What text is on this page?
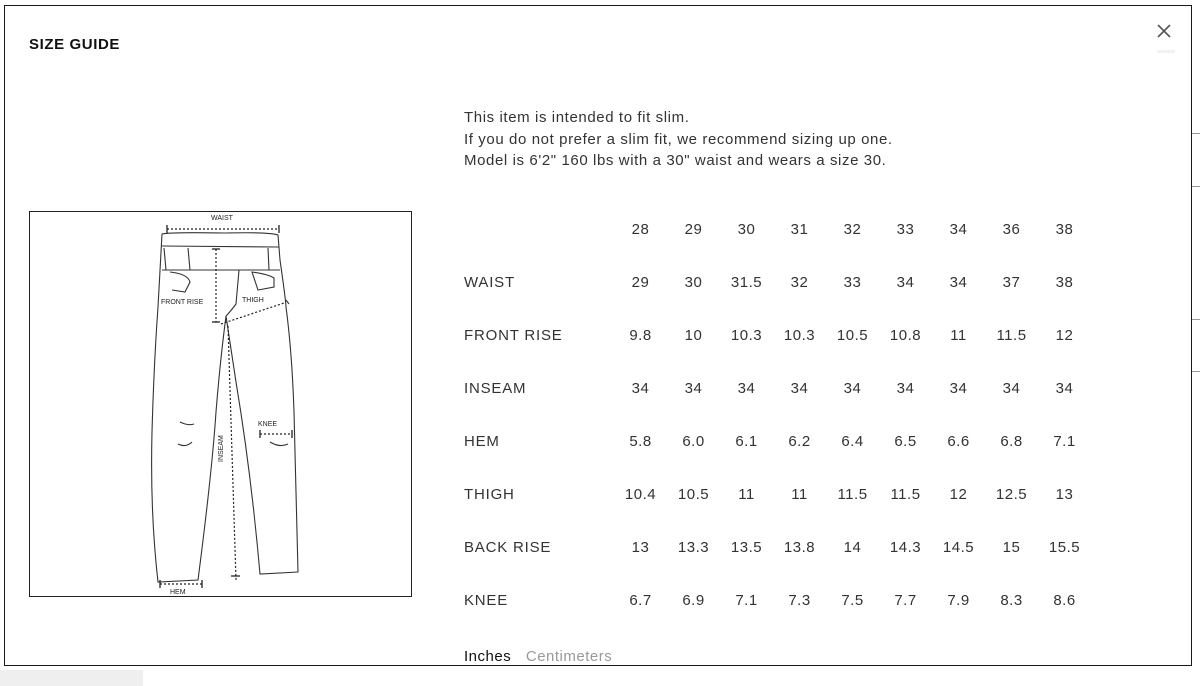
SIZE GUIDE
WAIST
FRONT RISE	THIGH
KNEE
INSEAM
HEM
This item is intended to fit slim.
If you do not prefer a slim fit, we recommend sizing up one.
Model is 6'2" 160 lbs with a 30" waist and wears a size 30.
	28	29	30	31	32	33	34	36	38
WAIST	29	30	31.5	32	33	34	34	37	38
FRONT RISE	9.8	10	10.3	10.3	10.5	10.8	11	11.5	12
INSEAM	34	34	34	34	34	34	34	34	34
HEM	5.8	6.0	6.1	6.2	6.4	6.5	6.6	6.8	7.1
THIGH	10.4	10.5	11	11	11.5	11.5	12	12.5	13
BACK RISE	13	13.3	13.5	13.8	14	14.3	14.5	15	15.5
KNEE	6.7	6.9	7.1	7.3	7.5	7.7	7.9	8.3	8.6
Inches Centimeters
